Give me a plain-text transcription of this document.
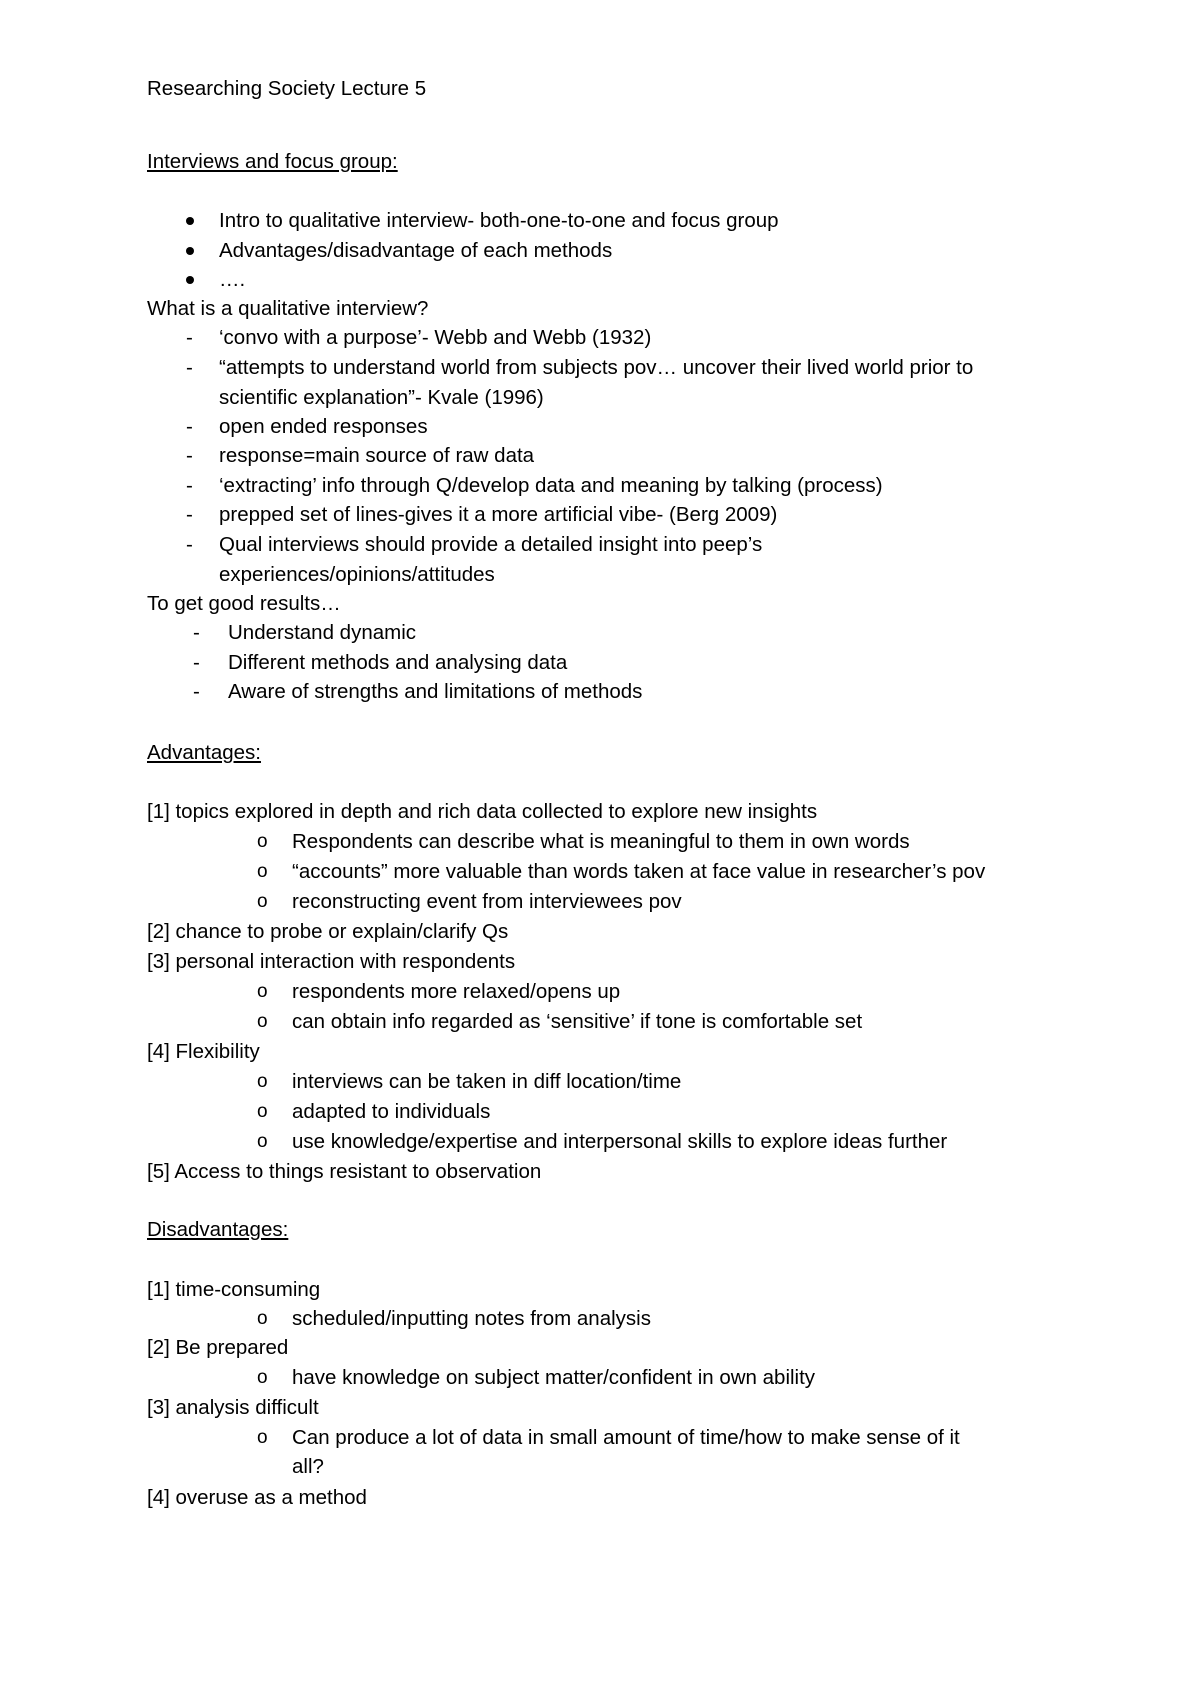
Researching Society Lecture 5
Interviews and focus group:
Intro to qualitative interview- both-one-to-one and focus group
Advantages/disadvantage of each methods
….
What is a qualitative interview?
- ‘convo with a purpose’- Webb and Webb (1932)
- “attempts to understand world from subjects pov… uncover their lived world prior to
scientific explanation”- Kvale (1996)
- open ended responses
- response=main source of raw data
- ‘extracting’ info through Q/develop data and meaning by talking (process)
- prepped set of lines-gives it a more artificial vibe- (Berg 2009)
- Qual interviews should provide a detailed insight into peep’s
experiences/opinions/attitudes
To get good results…
- Understand dynamic
- Different methods and analysing data
- Aware of strengths and limitations of methods
Advantages:
[1] topics explored in depth and rich data collected to explore new insights
o Respondents can describe what is meaningful to them in own words
o “accounts” more valuable than words taken at face value in researcher’s pov
o reconstructing event from interviewees pov
[2] chance to probe or explain/clarify Qs
[3] personal interaction with respondents
o respondents more relaxed/opens up
o can obtain info regarded as ‘sensitive’ if tone is comfortable set
[4] Flexibility
o interviews can be taken in diff location/time
o adapted to individuals
o use knowledge/expertise and interpersonal skills to explore ideas further
[5] Access to things resistant to observation
Disadvantages:
[1] time-consuming
o scheduled/inputting notes from analysis
[2] Be prepared
o have knowledge on subject matter/confident in own ability
[3] analysis difficult
o Can produce a lot of data in small amount of time/how to make sense of it
all?
[4] overuse as a method
